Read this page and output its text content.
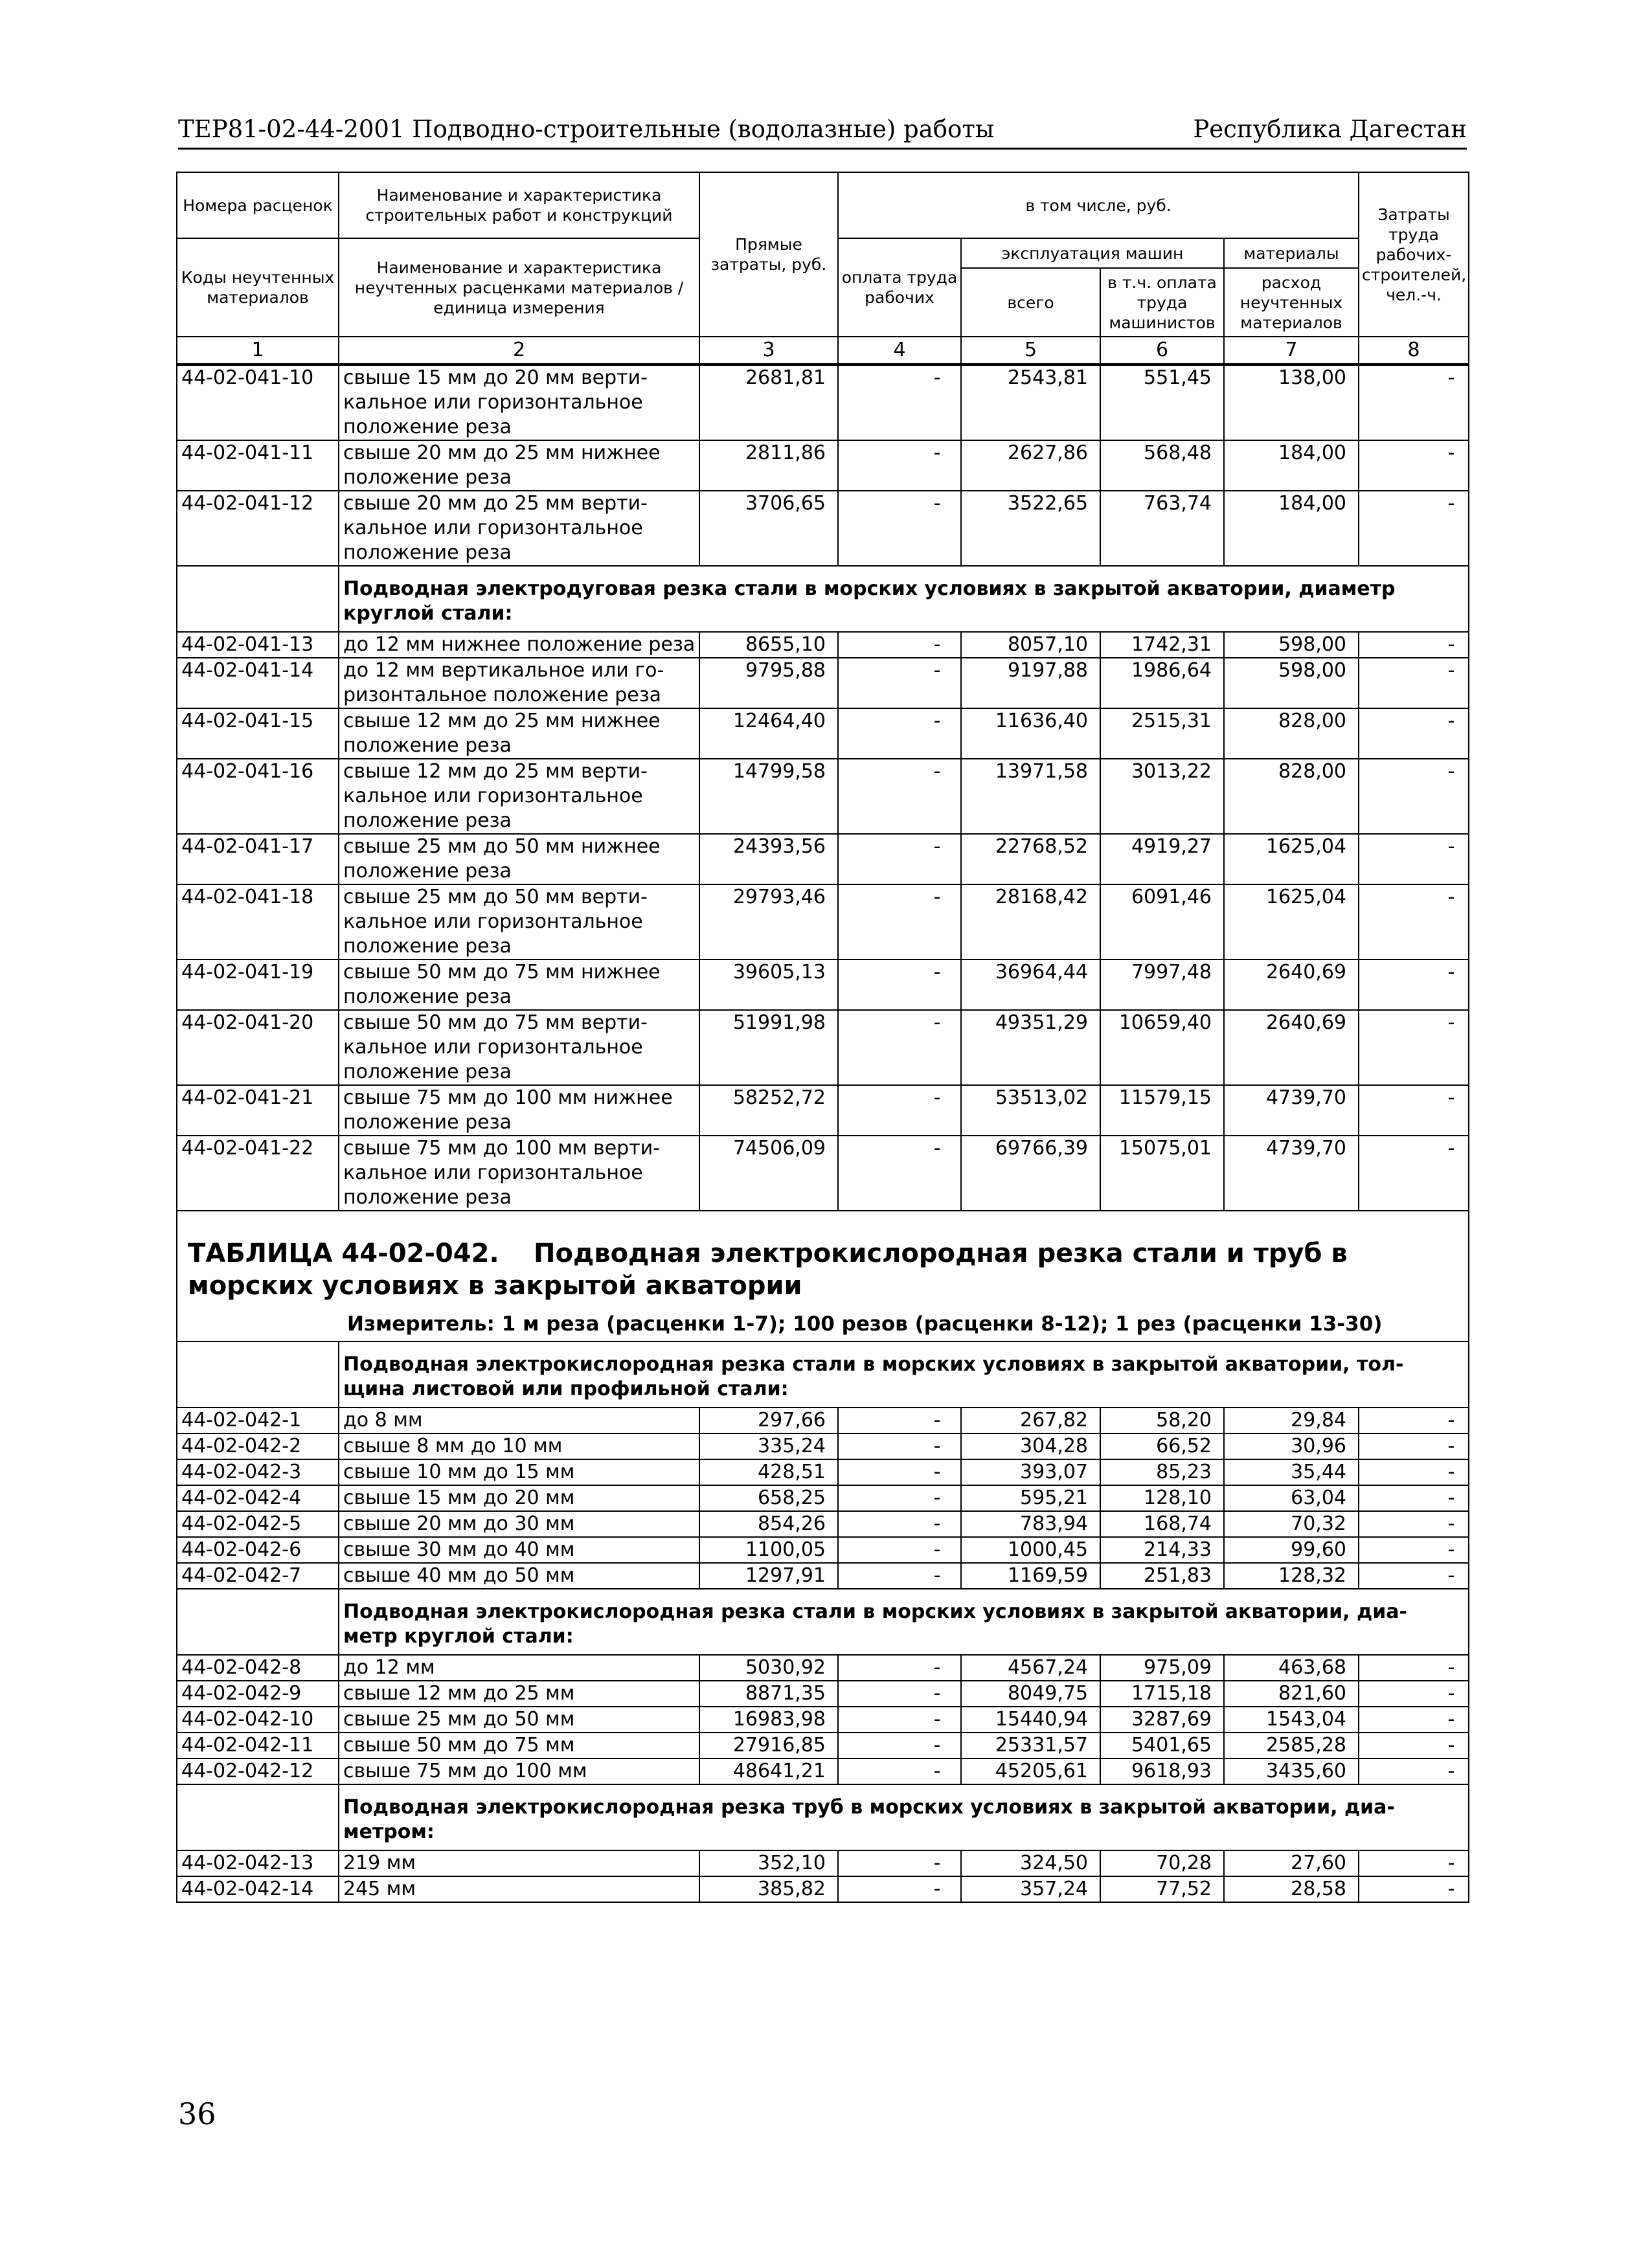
ТЕР81-02-44-2001 Подводно-строительные (водолазные) работы	Республика Дагестан
Номера расценок	Наименование и характеристика строительных работ и конструкций	Прямые затраты, руб.	в том числе, руб.				Затраты труда рабочих-строителей, чел.-ч.
Коды неучтенных материалов	Наименование и характеристика неучтенных расценками материалов / единица измерения		оплата труда рабочих	эксплуатация машин		материалы	
				всего	в т.ч. оплата труда машинистов	расход неучтенных материалов	
1	2	3	4	5	6	7	8
44-02-041-10	свыше 15 мм до 20 мм верти- кальное или горизонтальное положение реза	2681,81	-	2543,81	551,45	138,00	-
44-02-041-11	свыше 20 мм до 25 мм нижнее положение реза	2811,86	-	2627,86	568,48	184,00	-
44-02-041-12	свыше 20 мм до 25 мм верти- кальное или горизонтальное положение реза	3706,65	-	3522,65	763,74	184,00	-
	Подводная электродуговая резка стали в морских условиях в закрытой акватории, диаметр круглой стали:						
44-02-041-13	до 12 мм нижнее положение реза	8655,10	-	8057,10	1742,31	598,00	-
44-02-041-14	до 12 мм вертикальное или го- ризонтальное положение реза	9795,88	-	9197,88	1986,64	598,00	-
44-02-041-15	свыше 12 мм до 25 мм нижнее положение реза	12464,40	-	11636,40	2515,31	828,00	-
44-02-041-16	свыше 12 мм до 25 мм верти- кальное или горизонтальное положение реза	14799,58	-	13971,58	3013,22	828,00	-
44-02-041-17	свыше 25 мм до 50 мм нижнее положение реза	24393,56	-	22768,52	4919,27	1625,04	-
44-02-041-18	свыше 25 мм до 50 мм верти- кальное или горизонтальное положение реза	29793,46	-	28168,42	6091,46	1625,04	-
44-02-041-19	свыше 50 мм до 75 мм нижнее положение реза	39605,13	-	36964,44	7997,48	2640,69	-
44-02-041-20	свыше 50 мм до 75 мм верти- кальное или горизонтальное положение реза	51991,98	-	49351,29	10659,40	2640,69	-
44-02-041-21	свыше 75 мм до 100 мм нижнее положение реза	58252,72	-	53513,02	11579,15	4739,70	-
44-02-041-22	свыше 75 мм до 100 мм верти- кальное или горизонтальное положение реза	74506,09	-	69766,39	15075,01	4739,70	-
ТАБЛИЦА 44-02-042. Подводная электрокислородная резка стали и труб в морских условиях в закрытой акватории							
Измеритель: 1 м реза (расценки 1-7); 100 резов (расценки 8-12); 1 рез (расценки 13-30)							
	Подводная электрокислородная резка стали в морских условиях в закрытой акватории, тол- щина листовой или профильной стали:						
44-02-042-1	до 8 мм	297,66	-	267,82	58,20	29,84	-
44-02-042-2	свыше 8 мм до 10 мм	335,24	-	304,28	66,52	30,96	-
44-02-042-3	свыше 10 мм до 15 мм	428,51	-	393,07	85,23	35,44	-
44-02-042-4	свыше 15 мм до 20 мм	658,25	-	595,21	128,10	63,04	-
44-02-042-5	свыше 20 мм до 30 мм	854,26	-	783,94	168,74	70,32	-
44-02-042-6	свыше 30 мм до 40 мм	1100,05	-	1000,45	214,33	99,60	-
44-02-042-7	свыше 40 мм до 50 мм	1297,91	-	1169,59	251,83	128,32	-
	Подводная электрокислородная резка стали в морских условиях в закрытой акватории, диа- метр круглой стали:						
44-02-042-8	до 12 мм	5030,92	-	4567,24	975,09	463,68	-
44-02-042-9	свыше 12 мм до 25 мм	8871,35	-	8049,75	1715,18	821,60	-
44-02-042-10	свыше 25 мм до 50 мм	16983,98	-	15440,94	3287,69	1543,04	-
44-02-042-11	свыше 50 мм до 75 мм	27916,85	-	25331,57	5401,65	2585,28	-
44-02-042-12	свыше 75 мм до 100 мм	48641,21	-	45205,61	9618,93	3435,60	-
	Подводная электрокислородная резка труб в морских условиях в закрытой акватории, диа- метром:						
44-02-042-13	219 мм	352,10	-	324,50	70,28	27,60	-
44-02-042-14	245 мм	385,82	-	357,24	77,52	28,58	-
36
